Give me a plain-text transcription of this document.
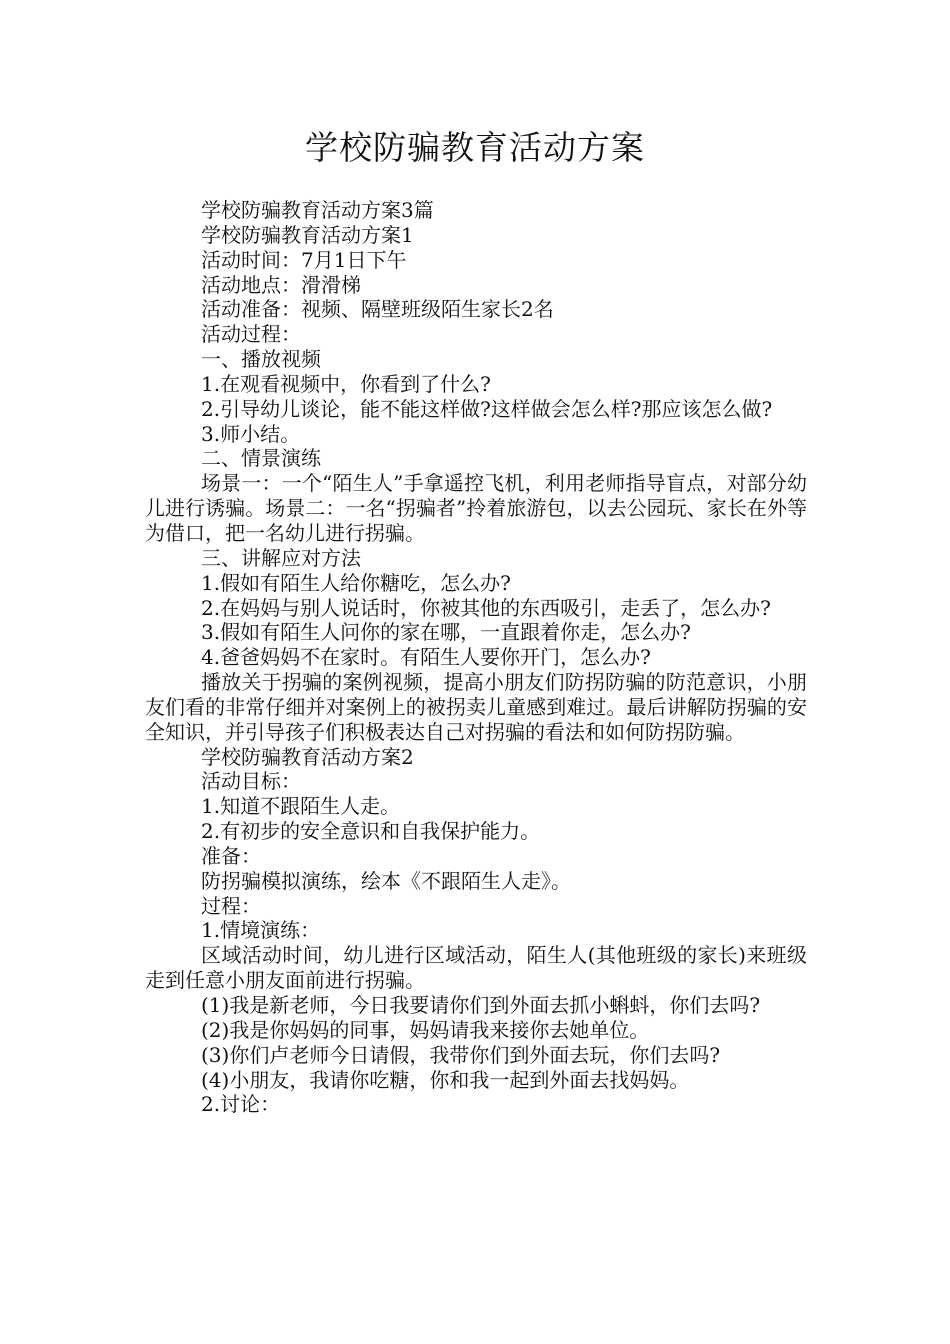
学校防骗教育活动方案

学校防骗教育活动方案3篇

学校防骗教育活动方案1

活动时间：7月1日下午

活动地点：滑滑梯

活动准备：视频、隔壁班级陌生家长2名

活动过程：

一、播放视频

1.在观看视频中，你看到了什么?

2.引导幼儿谈论，能不能这样做?这样做会怎么样?那应该怎么做?

3.师小结。

二、情景演练

场景一：一个“陌生人”手拿遥控飞机，利用老师指导盲点，对部分幼儿进行诱骗。场景二：一名“拐骗者”拎着旅游包，以去公园玩、家长在外等为借口，把一名幼儿进行拐骗。

三、讲解应对方法

1.假如有陌生人给你糖吃，怎么办?

2.在妈妈与别人说话时，你被其他的东西吸引，走丢了，怎么办?

3.假如有陌生人问你的家在哪，一直跟着你走，怎么办?

4.爸爸妈妈不在家时。有陌生人要你开门，怎么办?

播放关于拐骗的案例视频，提高小朋友们防拐防骗的防范意识，小朋友们看的非常仔细并对案例上的被拐卖儿童感到难过。最后讲解防拐骗的安全知识，并引导孩子们积极表达自己对拐骗的看法和如何防拐防骗。

学校防骗教育活动方案2

活动目标：

1.知道不跟陌生人走。

2.有初步的安全意识和自我保护能力。

准备：

防拐骗模拟演练，绘本《不跟陌生人走》。

过程：

1.情境演练：

区域活动时间，幼儿进行区域活动，陌生人(其他班级的家长)来班级走到任意小朋友面前进行拐骗。

(1)我是新老师，今日我要请你们到外面去抓小蝌蚪，你们去吗?

(2)我是你妈妈的同事，妈妈请我来接你去她单位。

(3)你们卢老师今日请假，我带你们到外面去玩，你们去吗?

(4)小朋友，我请你吃糖，你和我一起到外面去找妈妈。

2.讨论：
